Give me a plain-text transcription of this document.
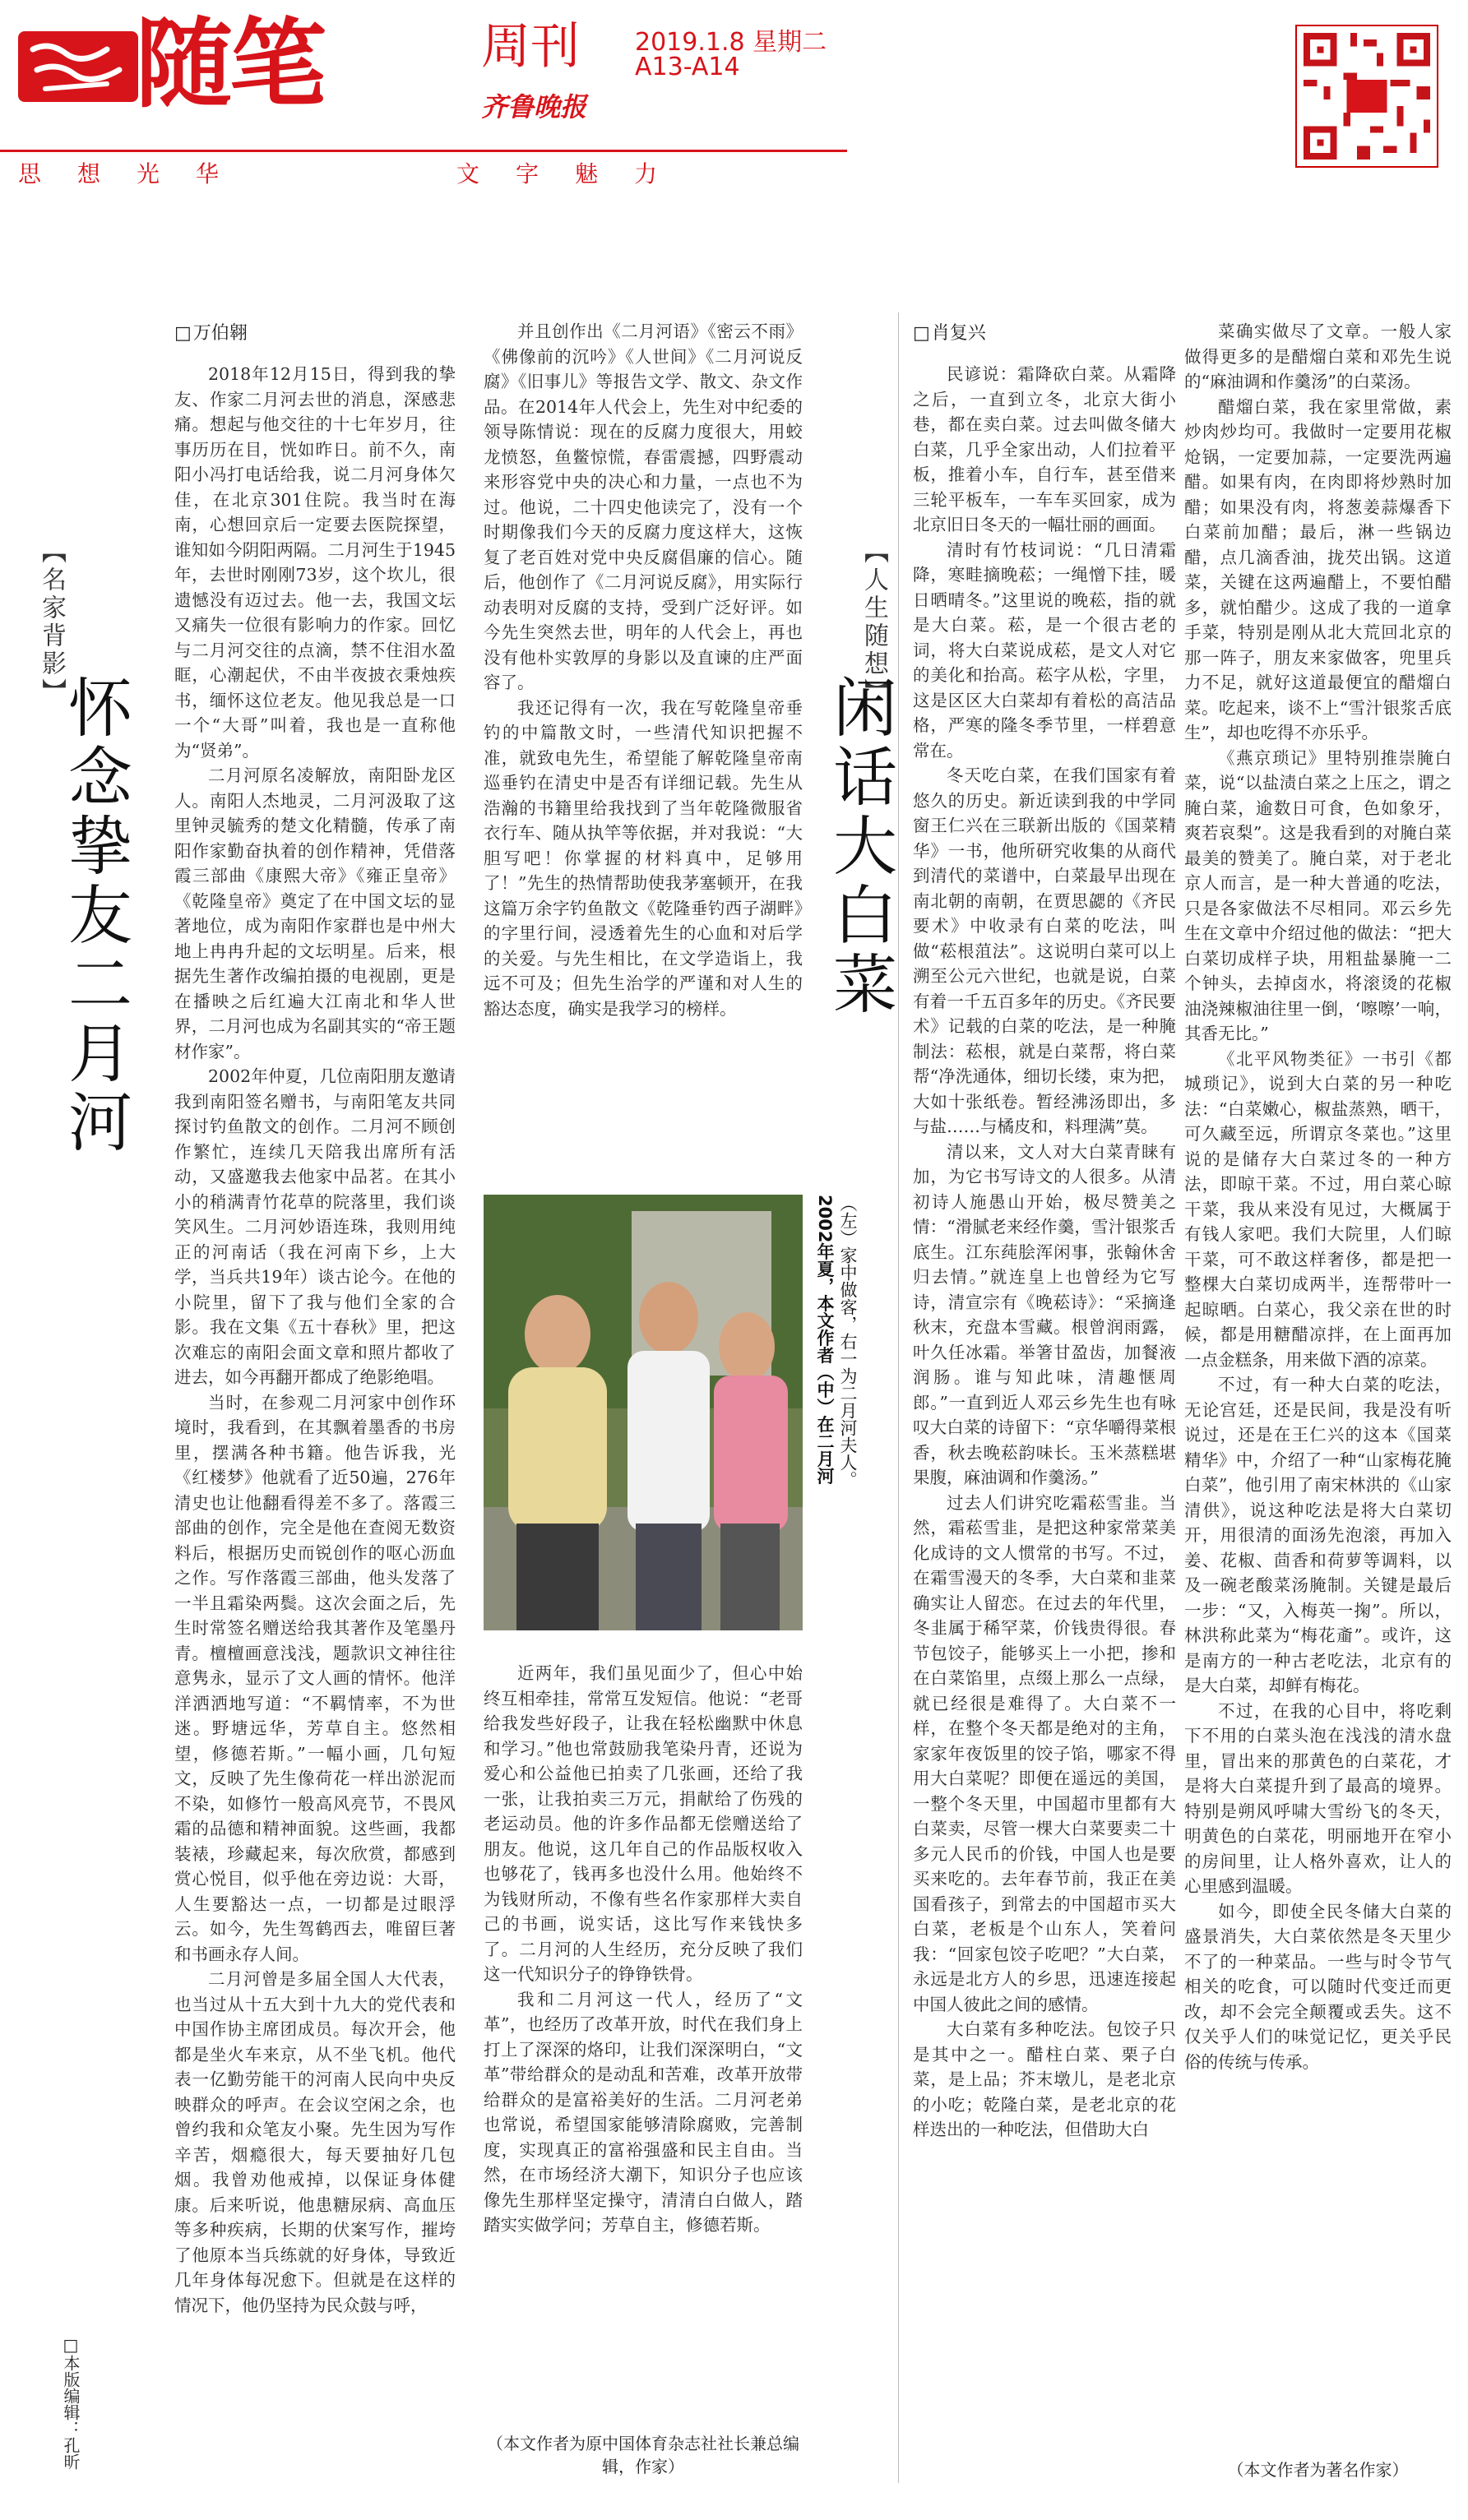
随笔	周刊
齐鲁晚报
2019.1.8 星期二
A13-A14
思想光华	文字魅力
【名家背影】
怀念挚友二月河
□ 万伯翱

2018年12月15日，得到我的挚友、作家二月河去世的消息，深感悲痛。想起与他交往的十七年岁月，往事历历在目，恍如昨日。前不久，南阳小冯打电话给我，说二月河身体欠佳，在北京301住院。我当时在海南，心想回京后一定要去医院探望，谁知如今阴阳两隔。二月河生于1945年，去世时刚刚73岁，这个坎儿，很遗憾没有迈过去。他一去，我国文坛又痛失一位很有影响力的作家。回忆与二月河交往的点滴，禁不住泪水盈眶，心潮起伏，不由半夜披衣秉烛疾书，缅怀这位老友。他见我总是一口一个“大哥”叫着，我也是一直称他为“贤弟”。

二月河原名凌解放，南阳卧龙区人。南阳人杰地灵，二月河汲取了这里钟灵毓秀的楚文化精髓，传承了南阳作家勤奋执着的创作精神，凭借落霞三部曲《康熙大帝》《雍正皇帝》《乾隆皇帝》奠定了在中国文坛的显著地位，成为南阳作家群也是中州大地上冉冉升起的文坛明星。后来，根据先生著作改编拍摄的电视剧，更是在播映之后红遍大江南北和华人世界，二月河也成为名副其实的“帝王题材作家”。

2002年仲夏，几位南阳朋友邀请我到南阳签名赠书，与南阳笔友共同探讨钓鱼散文的创作。二月河不顾创作繁忙，连续几天陪我出席所有活动，又盛邀我去他家中品茗。在其小小的稍满青竹花草的院落里，我们谈笑风生。二月河妙语连珠，我则用纯正的河南话（我在河南下乡，上大学，当兵共19年）谈古论今。在他的小院里，留下了我与他们全家的合影。我在文集《五十春秋》里，把这次难忘的南阳会面文章和照片都收了进去，如今再翻开都成了绝影绝唱。

当时，在参观二月河家中创作环境时，我看到，在其飘着墨香的书房里，摆满各种书籍。他告诉我，光《红楼梦》他就看了近50遍，276年清史也让他翻看得差不多了。落霞三部曲的创作，完全是他在查阅无数资料后，根据历史而锐创作的呕心沥血之作。写作落霞三部曲，他头发落了一半且霜染两鬓。这次会面之后，先生时常签名赠送给我其著作及笔墨丹青。檀檀画意浅浅，题款识文神往往意隽永，显示了文人画的情怀。他洋洋洒洒地写道：“不羁情率，不为世迷。野塘远华，芳草自主。悠然相望，修德若斯。”一幅小画，几句短文，反映了先生像荷花一样出淤泥而不染，如修竹一般高风亮节，不畏风霜的品德和精神面貌。这些画，我都装裱，珍藏起来，每次欣赏，都感到赏心悦目，似乎他在旁边说：大哥，人生要豁达一点，一切都是过眼浮云。如今，先生驾鹤西去，唯留巨著和书画永存人间。

二月河曾是多届全国人大代表，也当过从十五大到十九大的党代表和中国作协主席团成员。每次开会，他都是坐火车来京，从不坐飞机。他代表一亿勤劳能干的河南人民向中央反映群众的呼声。在会议空闲之余，也曾约我和众笔友小聚。先生因为写作辛苦，烟瘾很大，每天要抽好几包烟。我曾劝他戒掉，以保证身体健康。后来听说，他患糖尿病、高血压等多种疾病，长期的伏案写作，摧垮了他原本当兵练就的好身体，导致近几年身体每况愈下。但就是在这样的情况下，他仍坚持为民众鼓与呼，

并且创作出《二月河语》《密云不雨》《佛像前的沉吟》《人世间》《二月河说反腐》《旧事儿》等报告文学、散文、杂文作品。在2014年人代会上，先生对中纪委的领导陈情说：现在的反腐力度很大，用蛟龙愤怒，鱼鳖惊慌，春雷震撼，四野震动来形容党中央的决心和力量，一点也不为过。他说，二十四史他读完了，没有一个时期像我们今天的反腐力度这样大，这恢复了老百姓对党中央反腐倡廉的信心。随后，他创作了《二月河说反腐》，用实际行动表明对反腐的支持，受到广泛好评。如今先生突然去世，明年的人代会上，再也没有他朴实敦厚的身影以及直谏的庄严面容了。

我还记得有一次，我在写乾隆皇帝垂钓的中篇散文时，一些清代知识把握不准，就致电先生，希望能了解乾隆皇帝南巡垂钓在清史中是否有详细记载。先生从浩瀚的书籍里给我找到了当年乾隆微服省衣行车、随从执竿等依据，并对我说：“大胆写吧！你掌握的材料真中，足够用了！”先生的热情帮助使我茅塞顿开，在我这篇万余字钓鱼散文《乾隆垂钓西子湖畔》的字里行间，浸透着先生的心血和对后学的关爱。与先生相比，在文学造诣上，我远不可及；但先生治学的严谨和对人生的豁达态度，确实是我学习的榜样。

近两年，我们虽见面少了，但心中始终互相牵挂，常常互发短信。他说：“老哥给我发些好段子，让我在轻松幽默中休息和学习。”他也常鼓励我笔染丹青，还说为爱心和公益他已拍卖了几张画，还给了我一张，让我拍卖三万元，捐献给了伤残的老运动员。他的许多作品都无偿赠送给了朋友。他说，这几年自己的作品版权收入也够花了，钱再多也没什么用。他始终不为钱财所动，不像有些名作家那样大卖自己的书画，说实话，这比写作来钱快多了。二月河的人生经历，充分反映了我们这一代知识分子的铮铮铁骨。

我和二月河这一代人，经历了“文革”，也经历了改革开放，时代在我们身上打上了深深的烙印，让我们深深明白，“文革”带给群众的是动乱和苦难，改革开放带给群众的是富裕美好的生活。二月河老弟也常说，希望国家能够清除腐败，完善制度，实现真正的富裕强盛和民主自由。当然，在市场经济大潮下，知识分子也应该像先生那样坚定操守，清清白白做人，踏踏实实做学问；芳草自主，修德若斯。

（本文作者为原中国体育杂志社社长兼总编辑，作家）
（左）家中做客，右一为二月河夫人。
2002年夏，本文作者（中）在二月河
【人生随想】
闲话大白菜
□ 肖复兴

民谚说：霜降砍白菜。从霜降之后，一直到立冬，北京大街小巷，都在卖白菜。过去叫做冬储大白菜，几乎全家出动，人们拉着平板，推着小车，自行车，甚至借来三轮平板车，一车车买回家，成为北京旧日冬天的一幅壮丽的画面。

清时有竹枝词说：“几日清霜降，寒畦摘晚菘；一绳憎下挂，暖日晒晴冬。”这里说的晚菘，指的就是大白菜。菘，是一个很古老的词，将大白菜说成菘，是文人对它的美化和抬高。菘字从松，字里，这是区区大白菜却有着松的高洁品格，严寒的隆冬季节里，一样碧意常在。

冬天吃白菜，在我们国家有着悠久的历史。新近读到我的中学同窗王仁兴在三联新出版的《国菜精华》一书，他所研究收集的从商代到清代的菜谱中，白菜最早出现在南北朝的南朝，在贾思勰的《齐民要术》中收录有白菜的吃法，叫做“菘根菹法”。这说明白菜可以上溯至公元六世纪，也就是说，白菜有着一千五百多年的历史。《齐民要术》记载的白菜的吃法，是一种腌制法：菘根，就是白菜帮，将白菜帮“净洗通体，细切长缕，束为把，大如十张纸卷。暂经沸汤即出，多与盐……与橘皮和，料理满”莫。

清以来，文人对大白菜青睐有加，为它书写诗文的人很多。从清初诗人施愚山开始，极尽赞美之情：“滑腻老来经作羹，雪汁银浆舌底生。江东莼脍浑闲事，张翰休舍归去情。”就连皇上也曾经为它写诗，清宣宗有《晚菘诗》：“采摘逢秋末，充盘本雪藏。根曾润雨露，叶久任冰霜。举箸甘盈齿，加餐液润肠。谁与知此味，清趣惬周郎。”一直到近人邓云乡先生也有咏叹大白菜的诗留下：“京华嚼得菜根香，秋去晚菘韵味长。玉米蒸糕堪果腹，麻油调和作羹汤。”

过去人们讲究吃霜菘雪韭。当然，霜菘雪韭，是把这种家常菜美化成诗的文人惯常的书写。不过，在霜雪漫天的冬季，大白菜和韭菜确实让人留恋。在过去的年代里，冬韭属于稀罕菜，价钱贵得很。春节包饺子，能够买上一小把，掺和在白菜馅里，点缀上那么一点绿，就已经很是难得了。大白菜不一样，在整个冬天都是绝对的主角，家家年夜饭里的饺子馅，哪家不得用大白菜呢？即便在遥远的美国，一整个冬天里，中国超市里都有大白菜卖，尽管一棵大白菜要卖二十多元人民币的价钱，中国人也是要买来吃的。去年春节前，我正在美国看孩子，到常去的中国超市买大白菜，老板是个山东人，笑着问我：“回家包饺子吃吧？”大白菜，永远是北方人的乡思，迅速连接起中国人彼此之间的感情。

大白菜有多种吃法。包饺子只是其中之一。醋柱白菜、栗子白菜，是上品；芥末墩儿，是老北京的小吃；乾隆白菜，是老北京的花样迭出的一种吃法，但借助大白

菜确实做尽了文章。一般人家做得更多的是醋熘白菜和邓先生说的“麻油调和作羹汤”的白菜汤。

醋熘白菜，我在家里常做，素炒肉炒均可。我做时一定要用花椒炝锅，一定要加蒜，一定要洗两遍醋。如果有肉，在肉即将炒熟时加醋；如果没有肉，将葱姜蒜爆香下白菜前加醋；最后，淋一些锅边醋，点几滴香油，拢芡出锅。这道菜，关键在这两遍醋上，不要怕醋多，就怕醋少。这成了我的一道拿手菜，特别是刚从北大荒回北京的那一阵子，朋友来家做客，兜里兵力不足，就好这道最便宜的醋熘白菜。吃起来，谈不上“雪汁银浆舌底生”，却也吃得不亦乐乎。

《燕京琐记》里特别推崇腌白菜，说“以盐渍白菜之上压之，谓之腌白菜，逾数日可食，色如象牙，爽若哀梨”。这是我看到的对腌白菜最美的赞美了。腌白菜，对于老北京人而言，是一种大普通的吃法，只是各家做法不尽相同。邓云乡先生在文章中介绍过他的做法：“把大白菜切成样子块，用粗盐暴腌一二个钟头，去掉卤水，将滚烫的花椒油浇辣椒油往里一倒，‘嚓嚓’一响，其香无比。”

《北平风物类征》一书引《都城琐记》，说到大白菜的另一种吃法：“白菜嫩心，椒盐蒸熟，晒干，可久藏至远，所谓京冬菜也。”这里说的是储存大白菜过冬的一种方法，即晾干菜。不过，用白菜心晾干菜，我从来没有见过，大概属于有钱人家吧。我们大院里，人们晾干菜，可不敢这样奢侈，都是把一整棵大白菜切成两半，连帮带叶一起晾晒。白菜心，我父亲在世的时候，都是用糖醋凉拌，在上面再加一点金糕条，用来做下酒的凉菜。

不过，有一种大白菜的吃法，无论宫廷，还是民间，我是没有听说过，还是在王仁兴的这本《国菜精华》中，介绍了一种“山家梅花腌白菜”，他引用了南宋林洪的《山家清供》，说这种吃法是将大白菜切开，用很清的面汤先泡滚，再加入姜、花椒、茴香和荷萝等调料，以及一碗老酸菜汤腌制。关键是最后一步：“又，入梅英一掬”。所以，林洪称此菜为“梅花齑”。或许，这是南方的一种古老吃法，北京有的是大白菜，却鲜有梅花。

不过，在我的心目中，将吃剩下不用的白菜头泡在浅浅的清水盘里，冒出来的那黄色的白菜花，才是将大白菜提升到了最高的境界。特别是朔风呼啸大雪纷飞的冬天，明黄色的白菜花，明丽地开在窄小的房间里，让人格外喜欢，让人的心里感到温暖。

如今，即使全民冬储大白菜的盛景消失，大白菜依然是冬天里少不了的一种菜品。一些与时令节气相关的吃食，可以随时代变迁而更改，却不会完全颠覆或丢失。这不仅关乎人们的味觉记忆，更关乎民俗的传统与传承。

（本文作者为著名作家）
□本版编辑：孔昕
